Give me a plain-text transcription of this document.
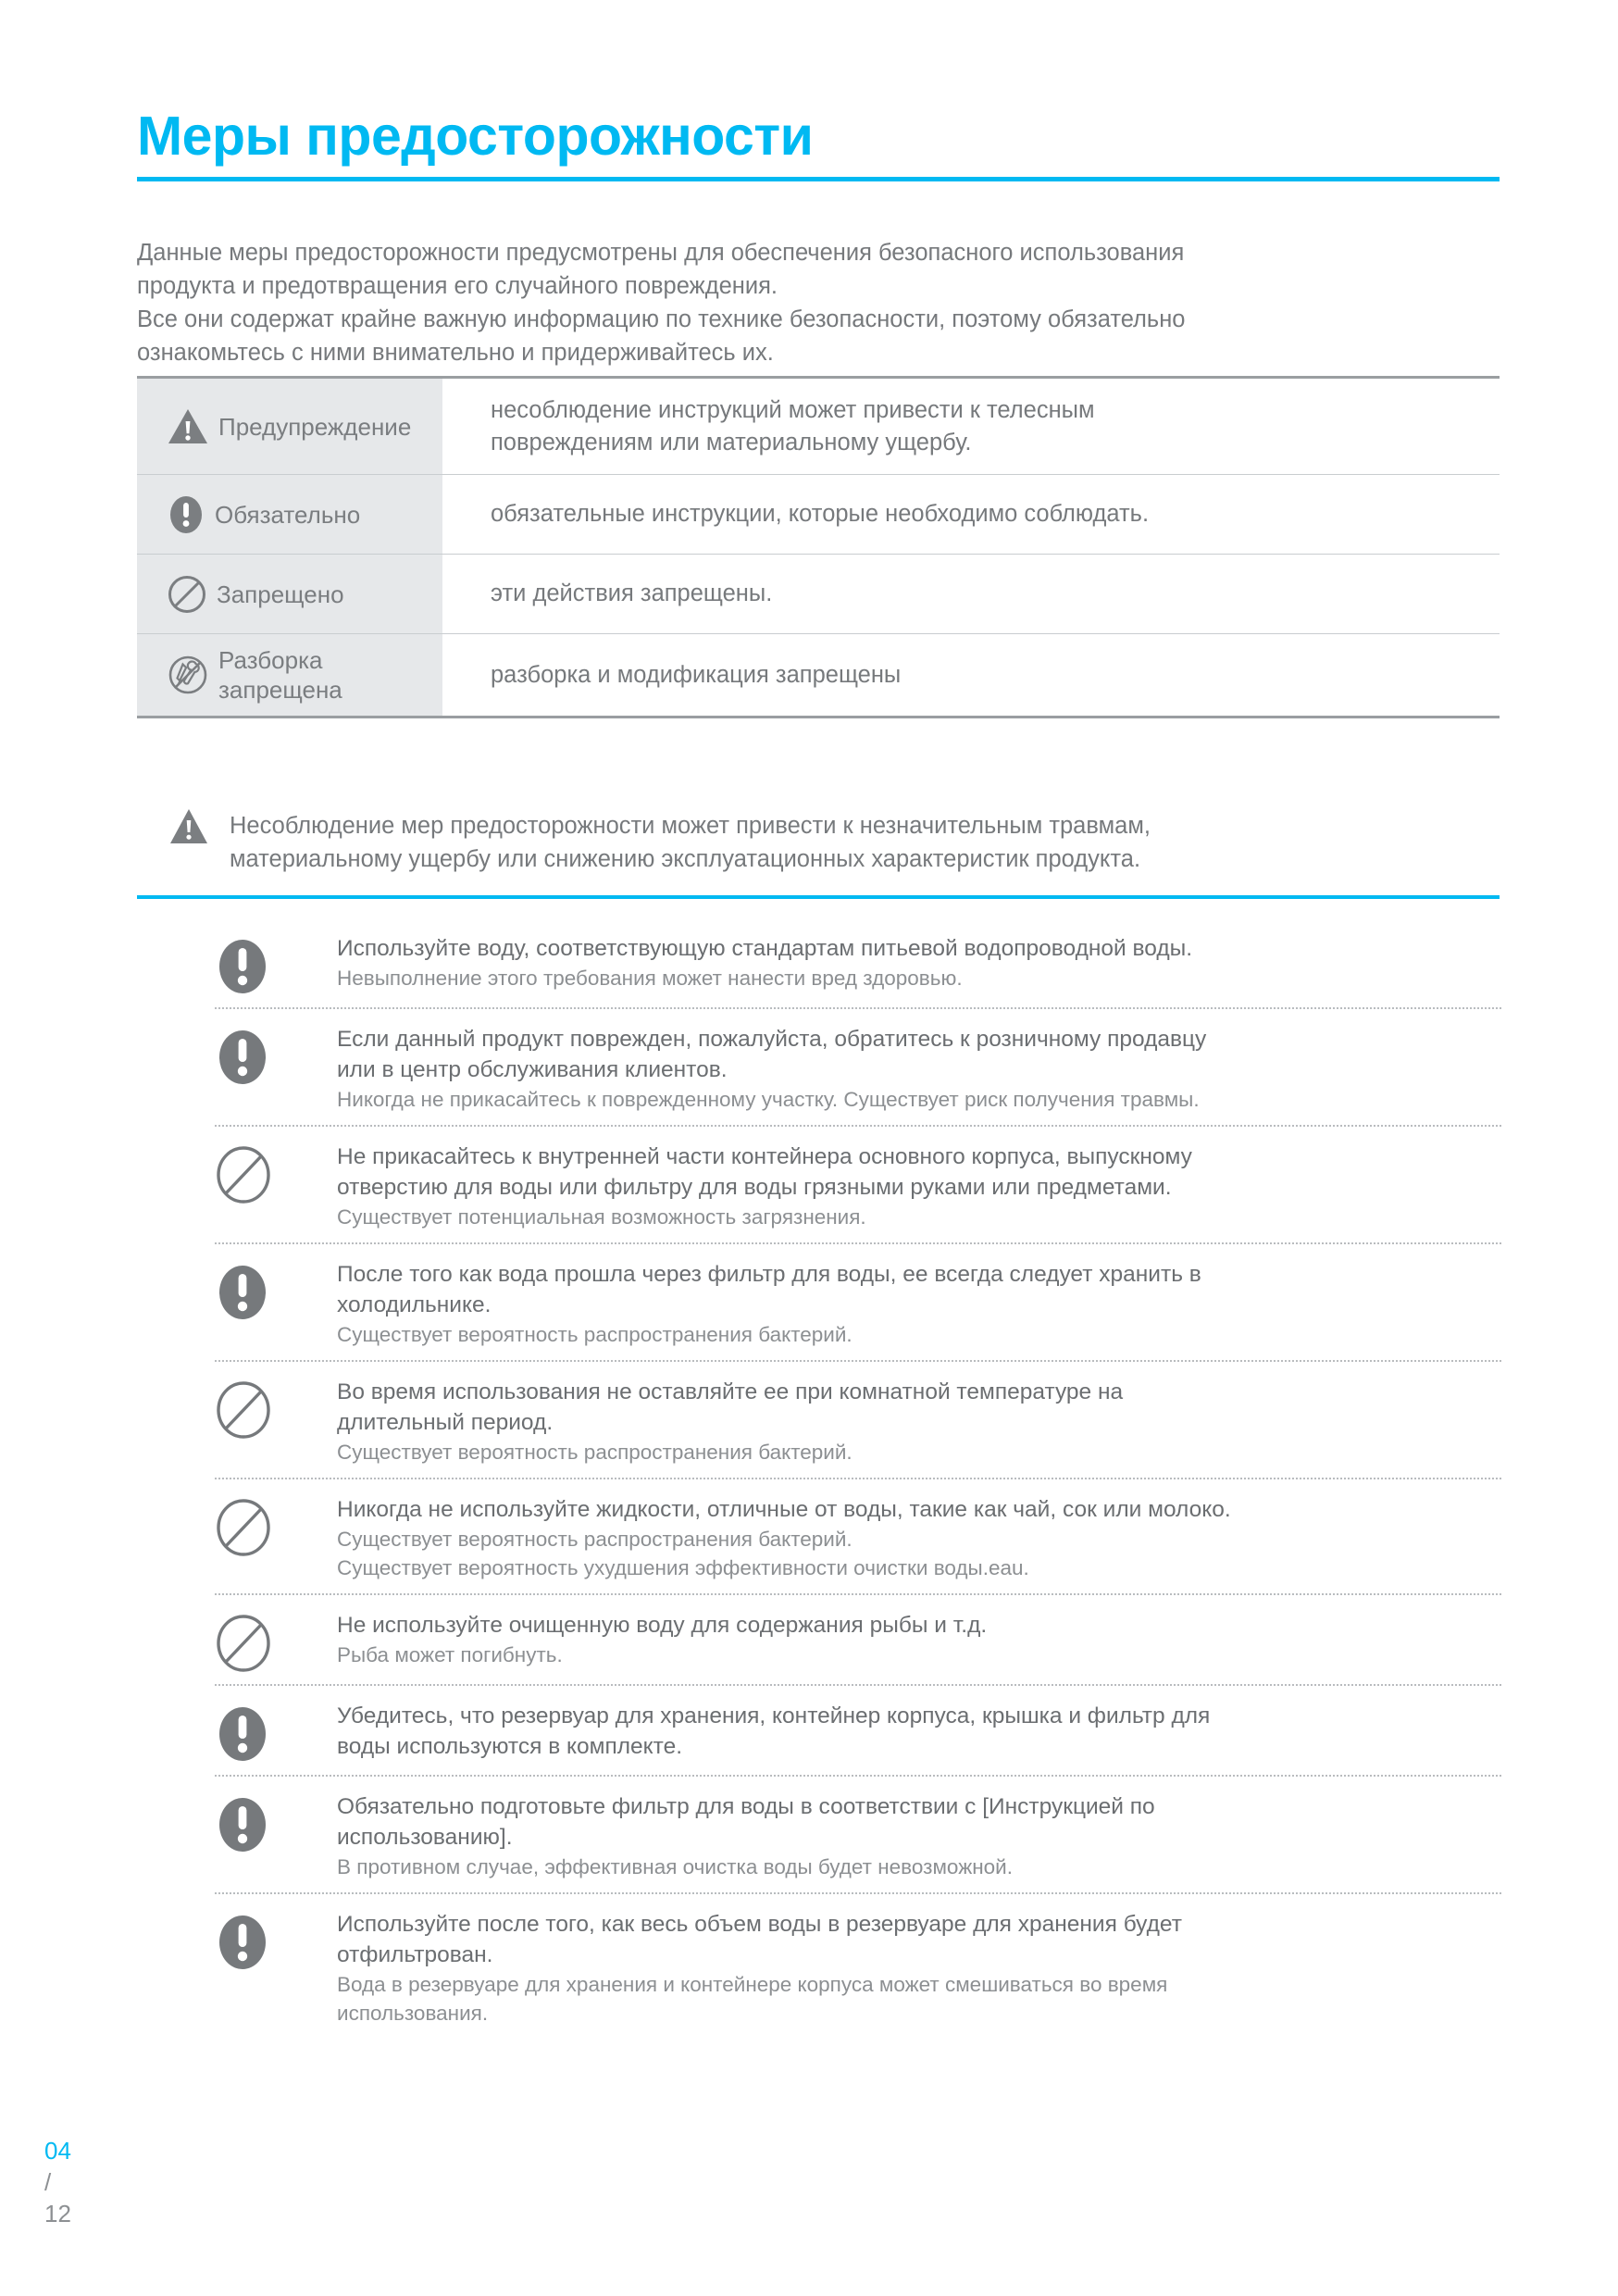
Меры предосторожности
Данные меры предосторожности предусмотрены для обеспечения безопасного использования
продукта и предотвращения его случайного повреждения.
Все они содержат крайне важную информацию по технике безопасности, поэтому обязательно
ознакомьтесь с ними внимательно и придерживайтесь их.
Предупреждение
несоблюдение инструкций может привести к телесным
повреждениям или материальному ущербу.
Обязательно	обязательные инструкции, которые необходимо соблюдать.
Запрещено	эти действия запрещены.
Разборка
запрещена
разборка и модификация запрещены
Несоблюдение мер предосторожности может привести к незначительным травмам,
материальному ущербу или снижению эксплуатационных характеристик продукта.
Используйте воду, соответствующую стандартам питьевой водопроводной воды.
Невыполнение этого требования может нанести вред здоровью.
Если данный продукт поврежден, пожалуйста, обратитесь к розничному продавцу
или в центр обслуживания клиентов.
Никогда не прикасайтесь к поврежденному участку. Существует риск получения травмы.
Не прикасайтесь к внутренней части контейнера основного корпуса, выпускному
отверстию для воды или фильтру для воды грязными руками или предметами.
Существует потенциальная возможность загрязнения.
После того как вода прошла через фильтр для воды, ее всегда следует хранить в
холодильнике.
Существует вероятность распространения бактерий.
Во время использования не оставляйте ее при комнатной температуре на
длительный период.
Существует вероятность распространения бактерий.
Никогда не используйте жидкости, отличные от воды, такие как чай, сок или молоко.
Существует вероятность распространения бактерий.
Существует вероятность ухудшения эффективности очистки воды.eau.
Не используйте очищенную воду для содержания рыбы и т.д.
Рыба может погибнуть.
Убедитесь, что резервуар для хранения, контейнер корпуса, крышка и фильтр для
воды используются в комплекте.
Обязательно подготовьте фильтр для воды в соответствии с [Инструкцией по
использованию].
В противном случае, эффективная очистка воды будет невозможной.
Используйте после того, как весь объем воды в резервуаре для хранения будет
отфильтрован.
Вода в резервуаре для хранения и контейнере корпуса может смешиваться во время
использования.
04
/
12
